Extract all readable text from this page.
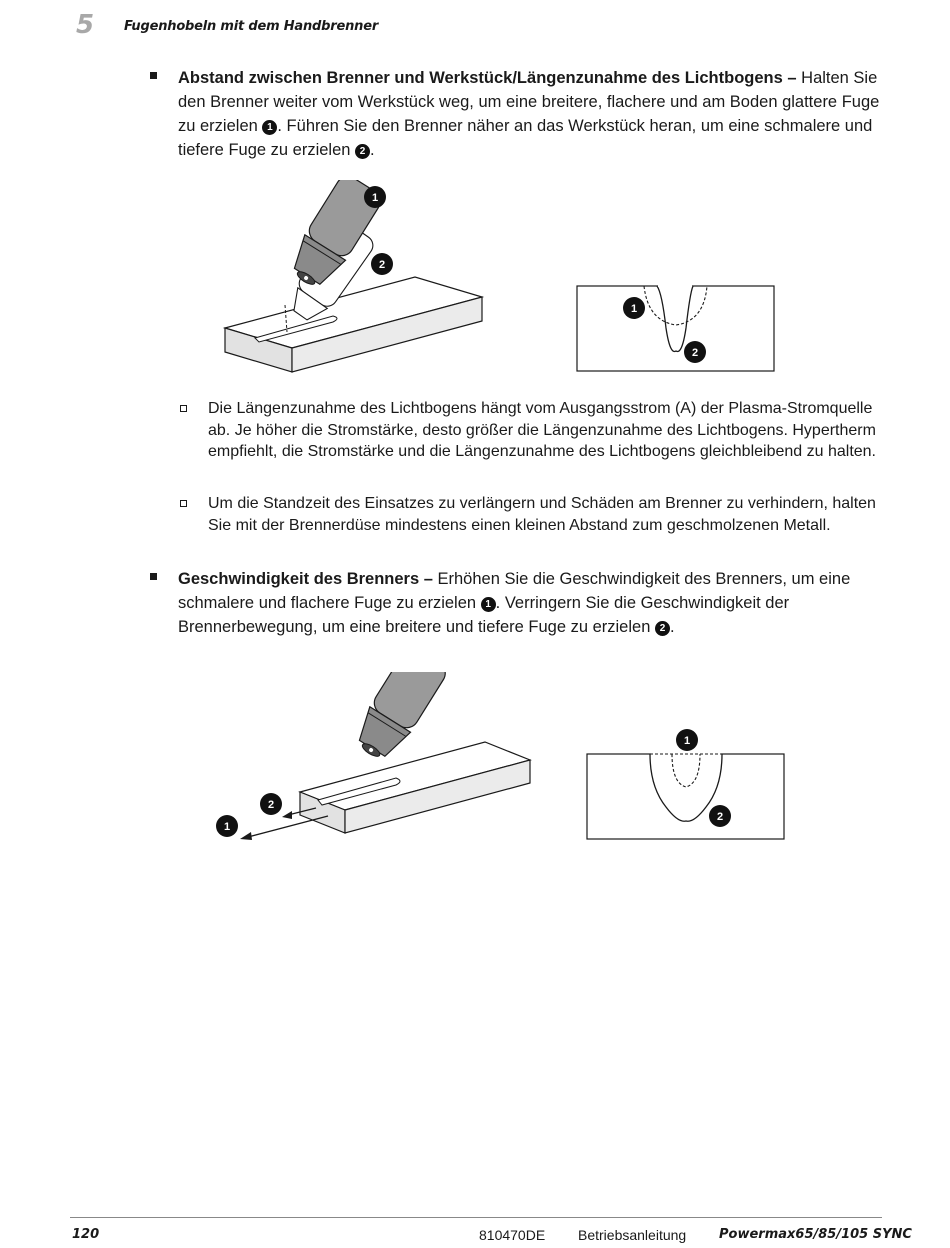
5 Fugenhobeln mit dem Handbrenner

Abstand zwischen Brenner und Werkstück/Längenzunahme des Lichtbogens – Halten Sie den Brenner weiter vom Werkstück weg, um eine breitere, flachere und am Boden glattere Fuge zu erzielen 1 . Führen Sie den Brenner näher an das Werkstück heran, um eine schmalere und tiefere Fuge zu erzielen 2 .

1
2
1
2

Die Längenzunahme des Lichtbogens hängt vom Ausgangsstrom (A) der Plasma-Stromquelle ab. Je höher die Stromstärke, desto größer die Längenzunahme des Lichtbogens. Hypertherm empfiehlt, die Stromstärke und die Längenzunahme des Lichtbogens gleichbleibend zu halten.

Um die Standzeit des Einsatzes zu verlängern und Schäden am Brenner zu verhindern, halten Sie mit der Brennerdüse mindestens einen kleinen Abstand zum geschmolzenen Metall.

Geschwindigkeit des Brenners – Erhöhen Sie die Geschwindigkeit des Brenners, um eine schmalere und flachere Fuge zu erzielen 1 . Verringern Sie die Geschwindigkeit der Brennerbewegung, um eine breitere und tiefere Fuge zu erzielen 2 .

2
1
1
2
120	810470DE Betriebsanleitung	Powermax65/85/105 SYNC
